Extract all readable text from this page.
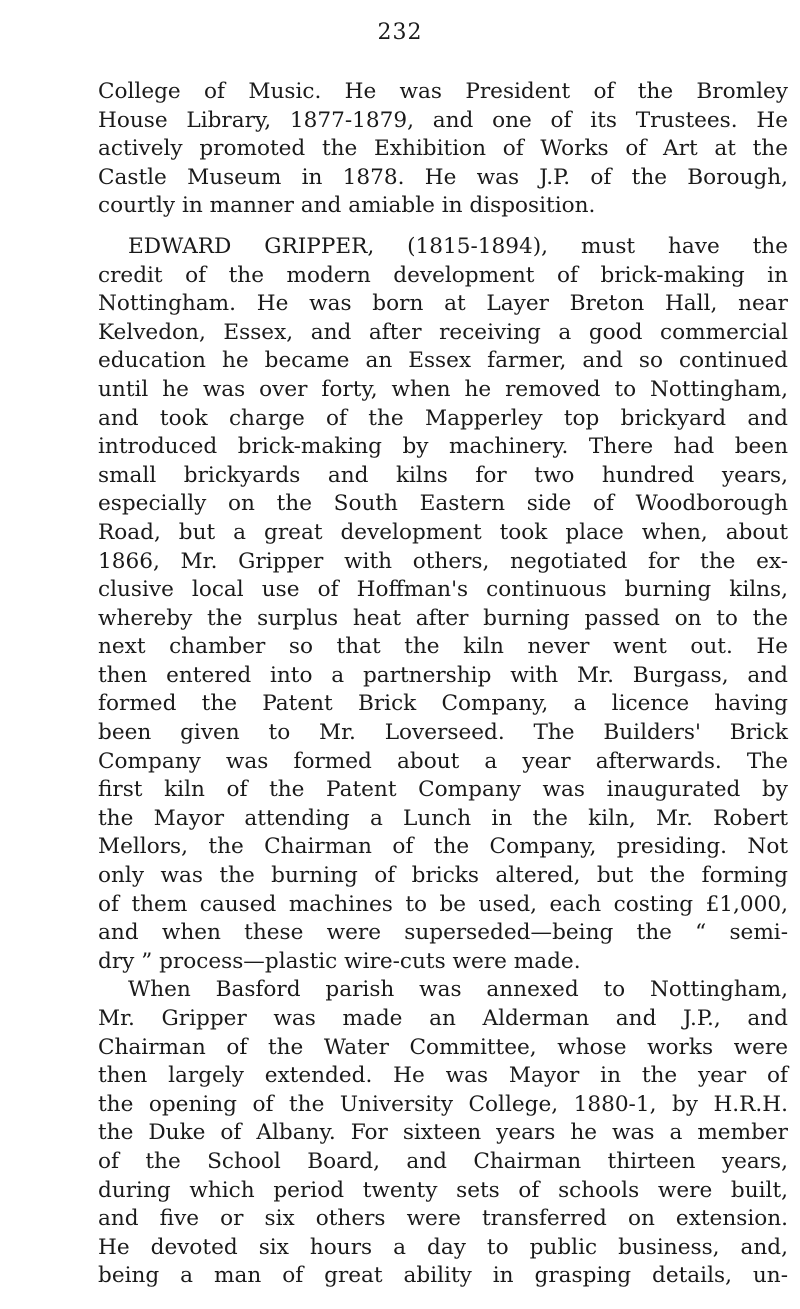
232
College of Music. He was President of the Bromley
House Library, 1877-1879, and one of its Trustees. He
actively promoted the Exhibition of Works of Art at the
Castle Museum in 1878. He was J.P. of the Borough,
courtly in manner and amiable in disposition.
EDWARD GRIPPER, (1815-1894), must have the
credit of the modern development of brick-making in
Nottingham. He was born at Layer Breton Hall, near
Kelvedon, Essex, and after receiving a good commercial
education he became an Essex farmer, and so continued
until he was over forty, when he removed to Nottingham,
and took charge of the Mapperley top brickyard and
introduced brick-making by machinery. There had been
small brickyards and kilns for two hundred years,
especially on the South Eastern side of Woodborough
Road, but a great development took place when, about
1866, Mr. Gripper with others, negotiated for the ex-
clusive local use of Hoffman's continuous burning kilns,
whereby the surplus heat after burning passed on to the
next chamber so that the kiln never went out. He
then entered into a partnership with Mr. Burgass, and
formed the Patent Brick Company, a licence having
been given to Mr. Loverseed. The Builders' Brick
Company was formed about a year afterwards. The
first kiln of the Patent Company was inaugurated by
the Mayor attending a Lunch in the kiln, Mr. Robert
Mellors, the Chairman of the Company, presiding. Not
only was the burning of bricks altered, but the forming
of them caused machines to be used, each costing £1,000,
and when these were superseded—being the “ semi-
dry ” process—plastic wire-cuts were made.
When Basford parish was annexed to Nottingham,
Mr. Gripper was made an Alderman and J.P., and
Chairman of the Water Committee, whose works were
then largely extended. He was Mayor in the year of
the opening of the University College, 1880-1, by H.R.H.
the Duke of Albany. For sixteen years he was a member
of the School Board, and Chairman thirteen years,
during which period twenty sets of schools were built,
and five or six others were transferred on extension.
He devoted six hours a day to public business, and,
being a man of great ability in grasping details, un-
